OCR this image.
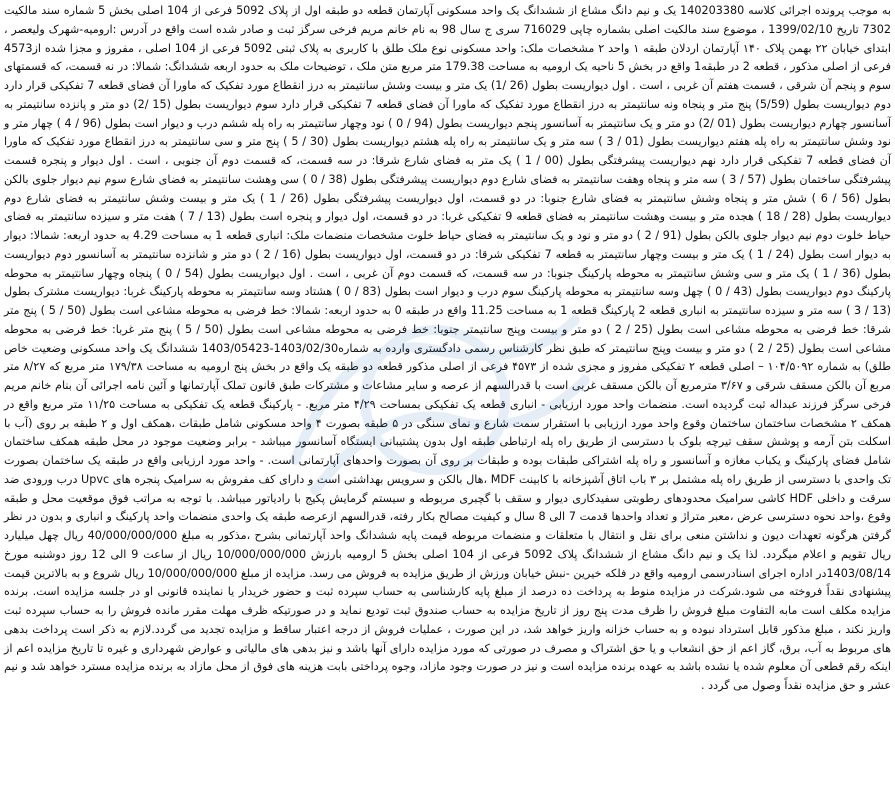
به موجب پرونده اجرائی کلاسه 140203380 یک و نیم دانگ مشاع از ششدانگ یک واحد مسکونی آپارتمان قطعه دو طبقه اول از پلاک 5092 فرعی از 104 اصلی بخش 5 شماره سند مالکیت 7302 تاریخ 1399/02/10 ، موضوع سند مالکیت اصلی بشماره چاپی 716029 سری ج سال 98 به نام خانم مریم فرخی سرگز ثبت و صادر شده است واقع در آدرس :ارومیه-شهرک ولیعصر ، ابتدای خیابان ۲۲ بهمن پلاک ۱۴۰ آپارتمان اردلان طبقه ۱ واحد ۲ مشخصات ملک: واحد مسکونی نوع ملک طلق با کاربری به پلاک ثبتی 5092 فرعی از 104 اصلی ، مفروز و مجزا شده از4573 فرعی از اصلی مذکور ، قطعه 2 در طبقه1 واقع در بخش 5 ناحیه یک ارومیه به مساحت 179.38 متر مربع متن ملک ، توضیحات ملک به حدود اربعه ششدانگ: شمالا: در نه قسمت، که قسمتهای سوم و پنجم آن شرقی ، قسمت هفتم آن غربی ، است . اول دیواریست بطول (26 /1) یک متر و بیست وشش سانتیمتر به درز انقطاع مورد تفکیک که ماورا آن فضای قطعه 7 تفکیکی قرار دارد دوم دیواریست بطول (5/59) پنج متر و پنجاه ونه سانتیمتر به درز انقطاع مورد تفکیک که ماورا آن فضای قطعه 7 تفکیکی قرار دارد سوم دیواریست بطول (15 /2) دو متر و پانزده سانتیمتر به آسانسور چهارم دیواریست بطول (01 /2) دو متر و یک سانتیمتر به آسانسور پنجم دیواریست بطول (94 / 0 ) نود وچهار سانتیمتر به راه پله ششم درب و دیوار است بطول (96 / 4 ) چهار متر و نود وشش سانتیمتر به راه پله هفتم دیواریست بطول (01 / 3 ) سه متر و یک سانتیمتر به راه پله هشتم دیواریست بطول (30 / 5 ) پنج متر و سی سانتیمتر به درز انقطاع مورد تفکیک که ماورا آن فضای قطعه 7 تفکیکی قرار دارد نهم دیواریست پیشرفتگی بطول (00 / 1 ) یک متر به فضای شارع شرقا: در سه قسمت، که قسمت دوم آن جنوبی ، است . اول دیوار و پنجره قسمت پیشرفتگی ساختمان بطول (57 / 3 ) سه متر و پنجاه وهفت سانتیمتر به فضای شارع دوم دیواریست پیشرفتگی بطول (38 / 0 ) سی وهشت سانتیمتر به فضای شارع سوم نیم دیوار جلوی بالکن بطول (56 / 6 ) شش متر و پنجاه وشش سانتیمتر به فضای شارع جنوبا: در دو قسمت، اول دیواریست پیشرفتگی بطول (26 / 1 ) یک متر و بیست وشش سانتیمتر به فضای شارع دوم دیواریست بطول (28 / 18 ) هجده متر و بیست وهشت سانتیمتر به فضای قطعه 9 تفکیکی غربا: در دو قسمت، اول دیوار و پنجره است بطول (13 / 7 ) هفت متر و سیزده سانتیمتر به فضای حیاط خلوت دوم نیم دیوار جلوی بالکن بطول (91 / 2 ) دو متر و نود و یک سانتیمتر به فضای حیاط خلوت مشخصات منضمات ملک: انباری قطعه 1 به مساحت 4.29 به حدود اربعه: شمالا: دیوار به دیوار است بطول (24 / 1 ) یک متر و بیست وچهار سانتیمتر به قطعه 7 تفکیکی شرقا: در دو قسمت، اول دیواریست بطول (16 / 2 ) دو متر و شانزده سانتیمتر به آسانسور دوم دیواریست بطول (36 / 1 ) یک متر و سی وشش سانتیمتر به محوطه پارکینگ جنوبا: در سه قسمت، که قسمت دوم آن غربی ، است . اول دیواریست بطول (54 / 0 ) پنجاه وچهار سانتیمتر به محوطه پارکینگ دوم دیواریست بطول (43 / 0 ) چهل وسه سانتیمتر به محوطه پارکینگ سوم درب و دیوار است بطول (83 / 0 ) هشتاد وسه سانتیمتر به محوطه پارکینگ غربا: دیواریست مشترک بطول (13 / 3 ) سه متر و سیزده سانتیمتر به انباری قطعه 2 پارکینگ قطعه 1 به مساحت 11.25 واقع در طبقه 0 به حدود اربعه: شمالا: خط فرضی به محوطه مشاعی است بطول (50 / 5 ) پنج متر شرقا: خط فرضی به محوطه مشاعی است بطول (25 / 2 ) دو متر و بیست وپنج سانتیمتر جنوبا: خط فرضی به محوطه مشاعی است بطول (50 / 5 ) پنج متر غربا: خط فرضی به محوطه مشاعی است بطول (25 / 2 ) دو متر و بیست وپنج سانتیمتر که طبق نظر کارشناس رسمی دادگستری وارده به شماره1403/02/30-1403/05423 ششدانگ یک واحد مسکونی وضعیت خاص طلق) به شماره ۱۰۴/۵۰۹۲ – اصلی قطعه ۲ تفکیکی مفروز و مجزی شده از ۴۵۷۳ فرعی از اصلی مذکور قطعه دو طبقه یک واقع در بخش پنج ارومیه به مساحت ۱۷۹/۳۸ متر مربع که ۸/۲۷ متر مربع آن بالکن مسقف شرقی و ۳/۶۷ مترمربع آن بالکن مسقف غربی است با قدرالسهم از عرصه و سایر مشاعات و مشترکات طبق قانون تملک آپارتمانها و آئین نامه اجرائی آن بنام خانم مریم فرخی سرگز فرزند عبداله ثبت گردیده است. منضمات واحد مورد ارزیابی - انباری قطعه یک تفکیکی بمساحت ۴/۲۹ متر مربع. - پارکینگ قطعه یک تفکیکی به مساحت ۱۱/۲۵ متر مربع واقع در همکف ۲ مشخصات ساختمان ساختمان وقوع واحد مورد ارزیابی با استقرار سمت شارع و نمای سنگی در ۵ طبقه بصورت ۴ واحد مسکونی شامل طبقات ،همکف اول و ۲ طبقه بر روی (آب با اسکلت بتن آرمه و پوشش سقف تیرچه بلوک با دسترسی از طریق راه پله ارتباطی طبقه اول بدون پشتیبانی ایستگاه آسانسور میباشد - برابر وضعیت موجود در محل طبقه همکف ساختمان شامل فضای پارکینگ و یکباب مغازه و آسانسور و راه پله اشتراکی طبقات بوده و طبقات بر روی آن بصورت واحدهای آپارتمانی است. - واحد مورد ارزیابی واقع در طبقه یک ساختمان بصورت تک واحدی با دسترسی از طریق راه پله مشتمل بر ۳ باب اتاق آشپزخانه با کابینت MDF ،هال بالکن و سرویس بهداشتی است و دارای کف مفروش به سرامیک پنجره های Upvc درب ورودی ضد سرقت و داخلی HDF کاشی سرامیک محدودهای رطوبتی سفیدکاری دیوار و سقف با گچبری مربوطه و سیستم گرمایش پکیج با رادیاتور میباشد. با توجه به مراتب فوق موقعیت محل و طبقه وقوع ،واحد نحوه دسترسی عرض ،معبر متراژ و تعداد واحدها قدمت 7 الی 8 سال و کیفیت مصالح بکار رفته، قدرالسهم ازعرصه طبقه یک واحدی منضمات واحد پارکینگ و انباری و بدون در نظر گرفتن هرگونه تعهدات دیون و نداشتن منعی برای نقل و انتقال با متعلقات و منضمات مربوطه قیمت پایه ششدانگ واحد آپارتمانی بشرح ،مذکور به مبلغ 40/000/000/000 ریال چهل میلیارد ریال تقویم و اعلام میگردد. لذا یک و نیم دانگ مشاع از ششدانگ پلاک 5092 فرعی از 104 اصلی بخش 5 ارومیه بارزش 10/000/000/000 ریال از ساعت 9 الی 12 روز دوشنبه مورخ 1403/08/14در اداره اجرای اسنادرسمی ارومیه واقع در فلکه خیرین -نبش خیابان ورزش از طریق مزایده به فروش می رسد. مزایده از مبلغ 10/000/000/000 ریال شروع و به بالاترین قیمت پیشنهادی نقداً فروخته می شود.شرکت در مزایده منوط به پرداخت ده درصد از مبلغ پایه کارشناسی به حساب سپرده ثبت و حضور خریدار یا نماینده قانونی او در جلسه مزایده است. برنده مزایده مکلف است مابه التفاوت مبلغ فروش را ظرف مدت پنج روز از تاریخ مزایده به حساب صندوق ثبت تودیع نماید و در صورتیکه ظرف مهلت مقرر مانده فروش را به حساب سپرده ثبت واریز نکند ، مبلغ مذکور قابل استرداد نبوده و به حساب خزانه واریز خواهد شد، در این صورت ، عملیات فروش از درجه اعتبار ساقط و مزایده تجدید می گردد.لازم به ذکر است پرداخت بدهی های مربوط به آب، برق، گاز اعم از حق انشعاب و یا حق اشتراک و مصرف در صورتی که مورد مزایده دارای آنها باشد و نیز بدهی های مالیاتی و عوارض شهرداری و غیره تا تاریخ مزایده اعم از اینکه رقم قطعی آن معلوم شده یا نشده باشد به عهده برنده مزایده است و نیز در صورت وجود مازاد، وجوه پرداختی بابت هزینه های فوق از محل مازاد به برنده مزایده مسترد خواهد شد و نیم عشر و حق مزایده نقداً وصول می گردد .
